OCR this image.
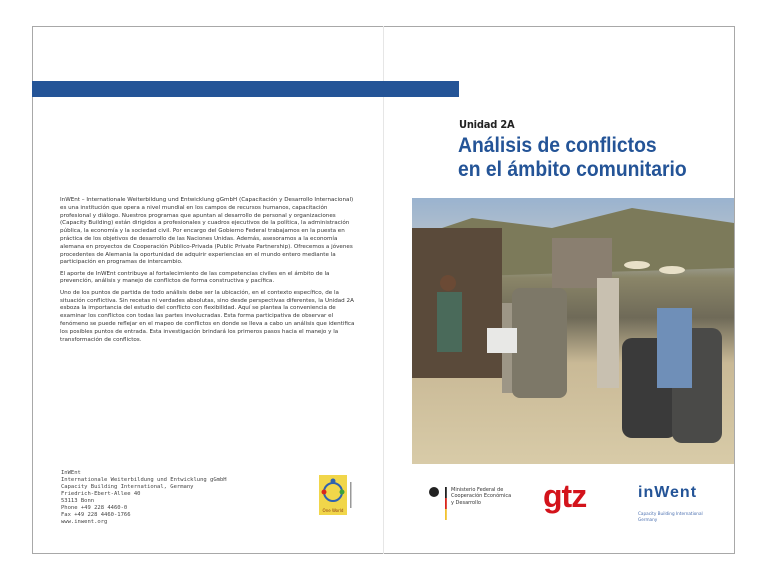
Unidad 2A
Análisis de conflictos
en el ámbito comunitario

InWEnt – Internationale Weiterbildung und Entwicklung gGmbH (Capacitación y Desarrollo Internacional) es una institución que opera a nivel mundial en los campos de recursos humanos, capacitación profesional y diálogo. Nuestros programas que apuntan al desarrollo de personal y organizaciones (Capacity Building) están dirigidos a profesionales y cuadros ejecutivos de la política, la administración pública, la economía y la sociedad civil. Por encargo del Gobierno Federal trabajamos en la puesta en práctica de los objetivos de desarrollo de las Naciones Unidas. Además, asesoramos a la economía alemana en proyectos de Cooperación Público-Privada (Public Private Partnership). Ofrecemos a jóvenes procedentes de Alemania la oportunidad de adquirir experiencias en el mundo entero mediante la participación en programas de intercambio.

El aporte de InWEnt contribuye al fortalecimiento de las competencias civiles en el ámbito de la prevención, análisis y manejo de conflictos de forma constructiva y pacífica.

Uno de los puntos de partida de todo análisis debe ser la ubicación, en el contexto específico, de la situación conflictiva. Sin recetas ni verdades absolutas, sino desde perspectivas diferentes, la Unidad 2A esboza la importancia del estudio del conflicto con flexibilidad. Aquí se plantea la conveniencia de examinar los conflictos con todas las partes involucradas. Esta forma participativa de observar el fenómeno se puede reflejar en el mapeo de conflictos en donde se lleva a cabo un análisis que identifica los posibles puntos de entrada. Esta investigación brindará los primeros pasos hacia el manejo y la transformación de conflictos.

InWEnt
Internationale Weiterbildung und Entwicklung gGmbH
Capacity Building International, Germany
Friedrich-Ebert-Allee 40
53113 Bonn
Phone +49 228 4460-0
Fax +49 228 4460-1766
www.inwent.org
One World
Ministerio Federal de
Cooperación Económica
y Desarrollo	gtz	inWent
Capacity Building International
Germany
